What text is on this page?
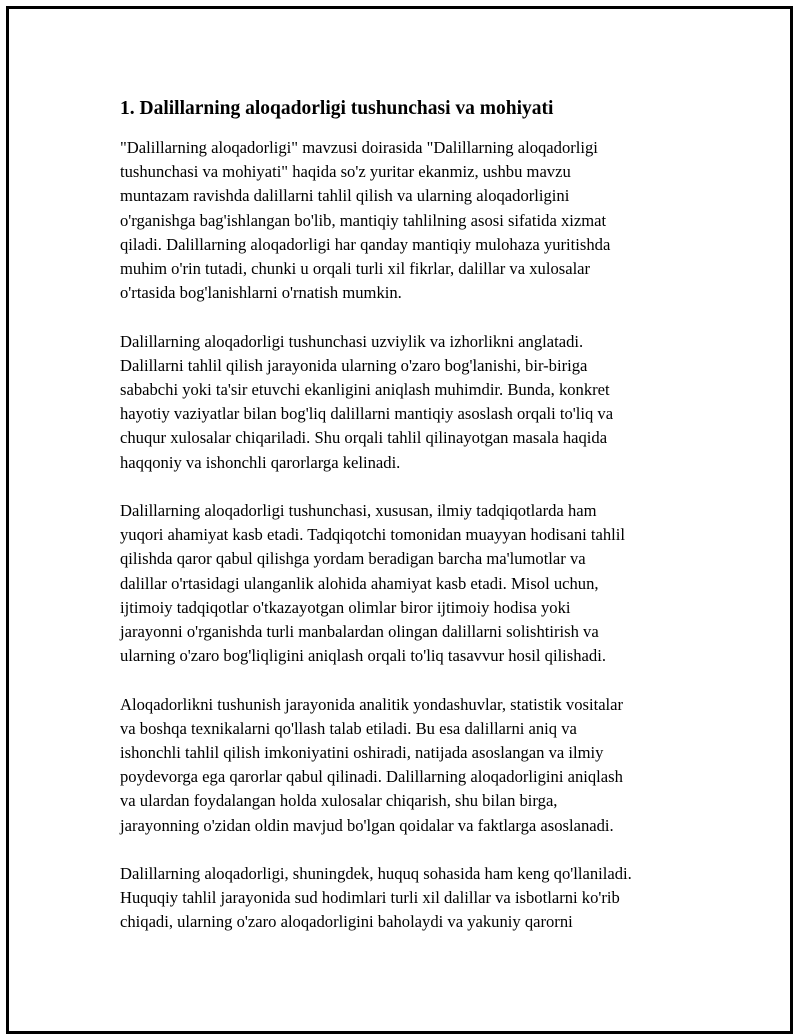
1. Dalillarning aloqadorligi tushunchasi va mohiyati

"Dalillarning aloqadorligi" mavzusi doirasida "Dalillarning aloqadorligi
tushunchasi va mohiyati" haqida so'z yuritar ekanmiz, ushbu mavzu
muntazam ravishda dalillarni tahlil qilish va ularning aloqadorligini
o'rganishga bag'ishlangan bo'lib, mantiqiy tahlilning asosi sifatida xizmat
qiladi. Dalillarning aloqadorligi har qanday mantiqiy mulohaza yuritishda
muhim o'rin tutadi, chunki u orqali turli xil fikrlar, dalillar va xulosalar
o'rtasida bog'lanishlarni o'rnatish mumkin.

Dalillarning aloqadorligi tushunchasi uzviylik va izhorlikni anglatadi.
Dalillarni tahlil qilish jarayonida ularning o'zaro bog'lanishi, bir-biriga
sababchi yoki ta'sir etuvchi ekanligini aniqlash muhimdir. Bunda, konkret
hayotiy vaziyatlar bilan bog'liq dalillarni mantiqiy asoslash orqali to'liq va
chuqur xulosalar chiqariladi. Shu orqali tahlil qilinayotgan masala haqida
haqqoniy va ishonchli qarorlarga kelinadi.

Dalillarning aloqadorligi tushunchasi, xususan, ilmiy tadqiqotlarda ham
yuqori ahamiyat kasb etadi. Tadqiqotchi tomonidan muayyan hodisani tahlil
qilishda qaror qabul qilishga yordam beradigan barcha ma'lumotlar va
dalillar o'rtasidagi ulanganlik alohida ahamiyat kasb etadi. Misol uchun,
ijtimoiy tadqiqotlar o'tkazayotgan olimlar biror ijtimoiy hodisa yoki
jarayonni o'rganishda turli manbalardan olingan dalillarni solishtirish va
ularning o'zaro bog'liqligini aniqlash orqali to'liq tasavvur hosil qilishadi.

Aloqadorlikni tushunish jarayonida analitik yondashuvlar, statistik vositalar
va boshqa texnikalarni qo'llash talab etiladi. Bu esa dalillarni aniq va
ishonchli tahlil qilish imkoniyatini oshiradi, natijada asoslangan va ilmiy
poydevorga ega qarorlar qabul qilinadi. Dalillarning aloqadorligini aniqlash
va ulardan foydalangan holda xulosalar chiqarish, shu bilan birga,
jarayonning o'zidan oldin mavjud bo'lgan qoidalar va faktlarga asoslanadi.

Dalillarning aloqadorligi, shuningdek, huquq sohasida ham keng qo'llaniladi.
Huquqiy tahlil jarayonida sud hodimlari turli xil dalillar va isbotlarni ko'rib
chiqadi, ularning o'zaro aloqadorligini baholaydi va yakuniy qarorni
